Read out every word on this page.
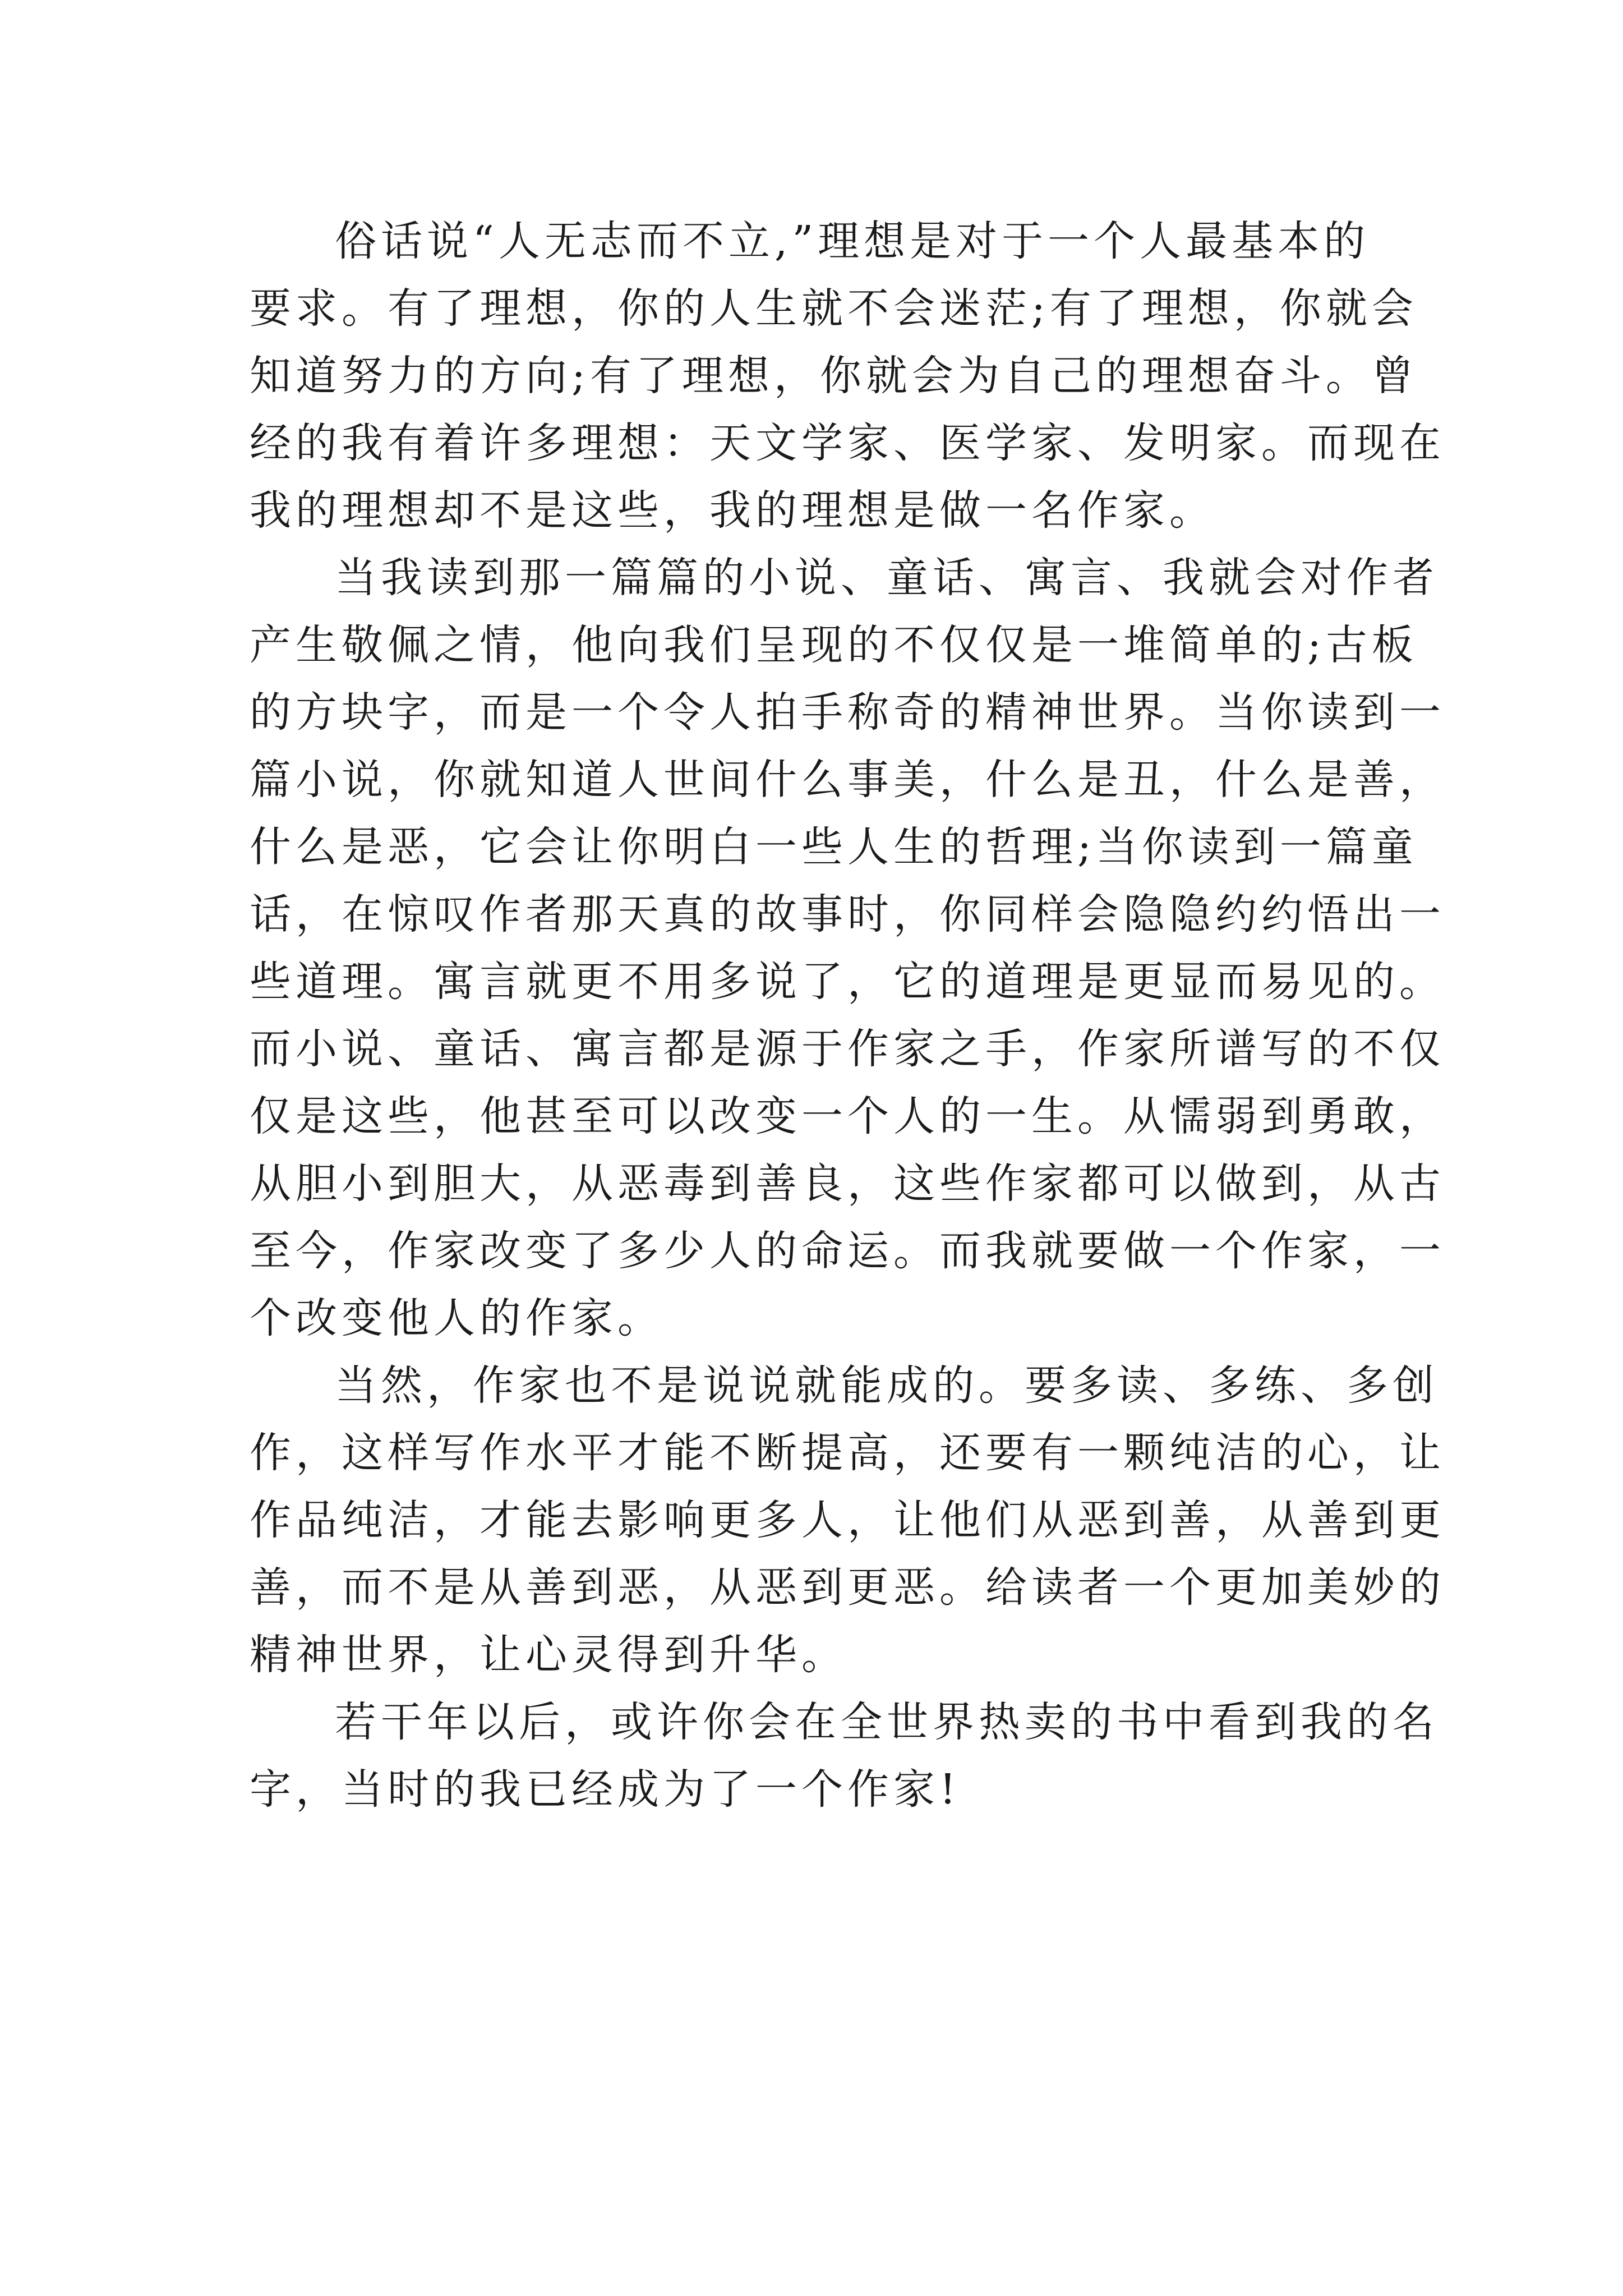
俗话说“人无志而不立,”理想是对于一个人最基本的
要求。有了理想，你的人生就不会迷茫;有了理想，你就会
知道努力的方向;有了理想，你就会为自己的理想奋斗。曾
经的我有着许多理想：天文学家、医学家、发明家。而现在
我的理想却不是这些，我的理想是做一名作家。
当我读到那一篇篇的小说、童话、寓言、我就会对作者
产生敬佩之情，他向我们呈现的不仅仅是一堆简单的;古板
的方块字，而是一个令人拍手称奇的精神世界。当你读到一
篇小说，你就知道人世间什么事美，什么是丑，什么是善，
什么是恶，它会让你明白一些人生的哲理;当你读到一篇童
话，在惊叹作者那天真的故事时，你同样会隐隐约约悟出一
些道理。寓言就更不用多说了，它的道理是更显而易见的。
而小说、童话、寓言都是源于作家之手，作家所谱写的不仅
仅是这些，他甚至可以改变一个人的一生。从懦弱到勇敢，
从胆小到胆大，从恶毒到善良，这些作家都可以做到，从古
至今，作家改变了多少人的命运。而我就要做一个作家，一
个改变他人的作家。
当然，作家也不是说说就能成的。要多读、多练、多创
作，这样写作水平才能不断提高，还要有一颗纯洁的心，让
作品纯洁，才能去影响更多人，让他们从恶到善，从善到更
善，而不是从善到恶，从恶到更恶。给读者一个更加美妙的
精神世界，让心灵得到升华。
若干年以后，或许你会在全世界热卖的书中看到我的名
字，当时的我已经成为了一个作家!
